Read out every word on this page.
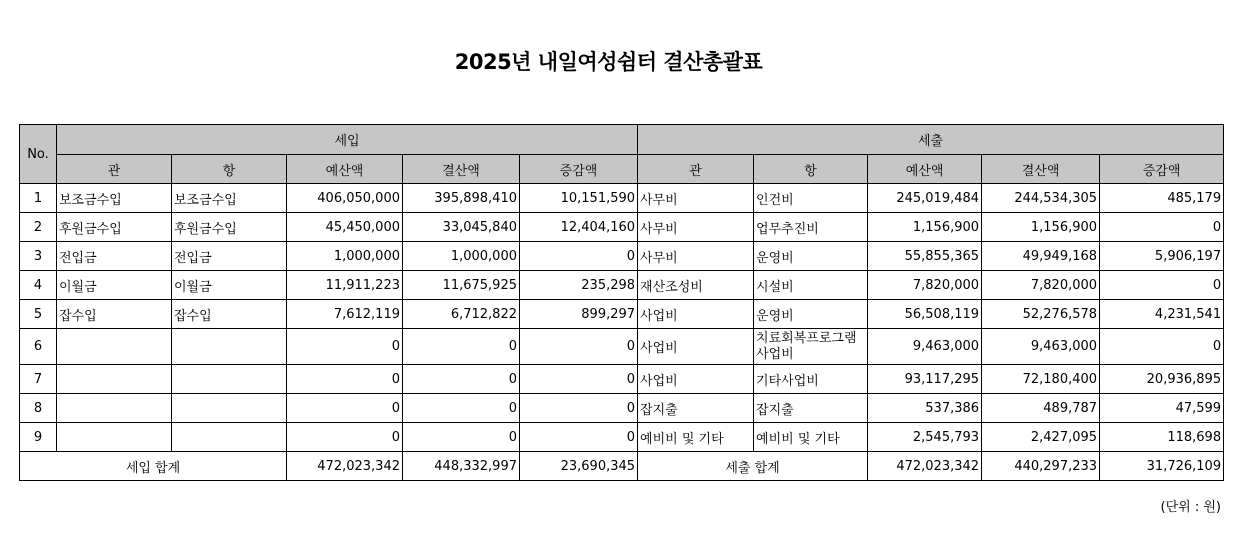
2025년 내일여성쉼터 결산총괄표
No.	세입					세출				
	관	항	예산액	결산액	증감액	관	항	예산액	결산액	증감액
1	보조금수입	보조금수입	406,050,000	395,898,410	10,151,590	사무비	인건비	245,019,484	244,534,305	485,179
2	후원금수입	후원금수입	45,450,000	33,045,840	12,404,160	사무비	업무추진비	1,156,900	1,156,900	0
3	전입금	전입금	1,000,000	1,000,000	0	사무비	운영비	55,855,365	49,949,168	5,906,197
4	이월금	이월금	11,911,223	11,675,925	235,298	재산조성비	시설비	7,820,000	7,820,000	0
5	잡수입	잡수입	7,612,119	6,712,822	899,297	사업비	운영비	56,508,119	52,276,578	4,231,541
6			0	0	0	사업비	치료회복프로그램사업비	9,463,000	9,463,000	0
7			0	0	0	사업비	기타사업비	93,117,295	72,180,400	20,936,895
8			0	0	0	잡지출	잡지출	537,386	489,787	47,599
9			0	0	0	예비비 및 기타	예비비 및 기타	2,545,793	2,427,095	118,698
세입 합계			472,023,342	448,332,997	23,690,345	세출 합계		472,023,342	440,297,233	31,726,109
(단위 : 원)
